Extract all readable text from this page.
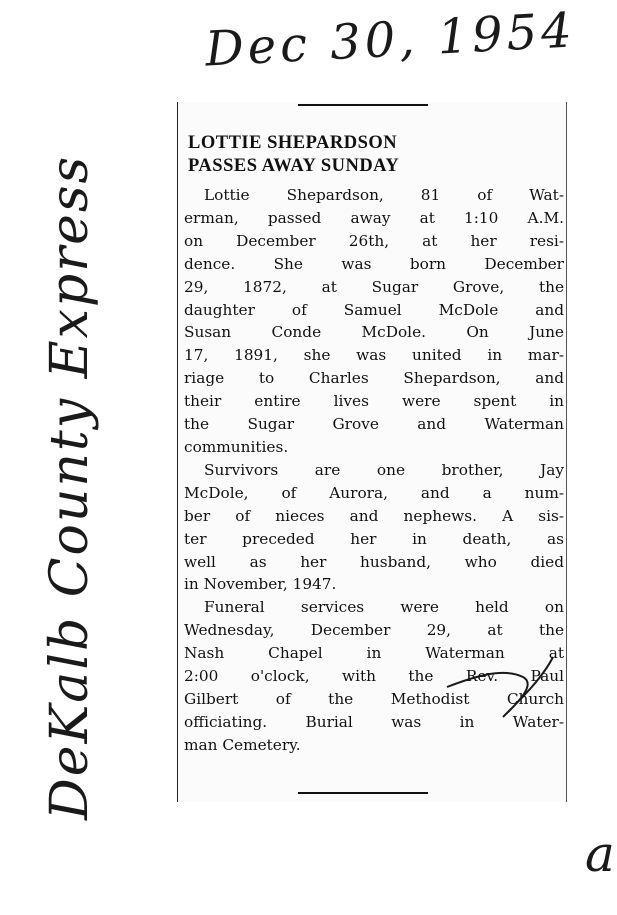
Dec 30, 1954
DeKalb County Express
a
LOTTIE SHEPARDSON
PASSES AWAY SUNDAY
Lottie Shepardson, 81 of Wat-
erman, passed away at 1:10 A.M.
on December 26th, at her resi-
dence. She was born December
29, 1872, at Sugar Grove, the
daughter of Samuel McDole and
Susan Conde McDole. On June
17, 1891, she was united in mar-
riage to Charles Shepardson, and
their entire lives were spent in
the Sugar Grove and Waterman
communities.
Survivors are one brother, Jay
McDole, of Aurora, and a num-
ber of nieces and nephews. A sis-
ter preceded her in death, as
well as her husband, who died
in November, 1947.
Funeral services were held on
Wednesday, December 29, at the
Nash Chapel in Waterman at
2:00 o'clock, with the Rev. Paul
Gilbert of the Methodist Church
officiating. Burial was in Water-
man Cemetery.
